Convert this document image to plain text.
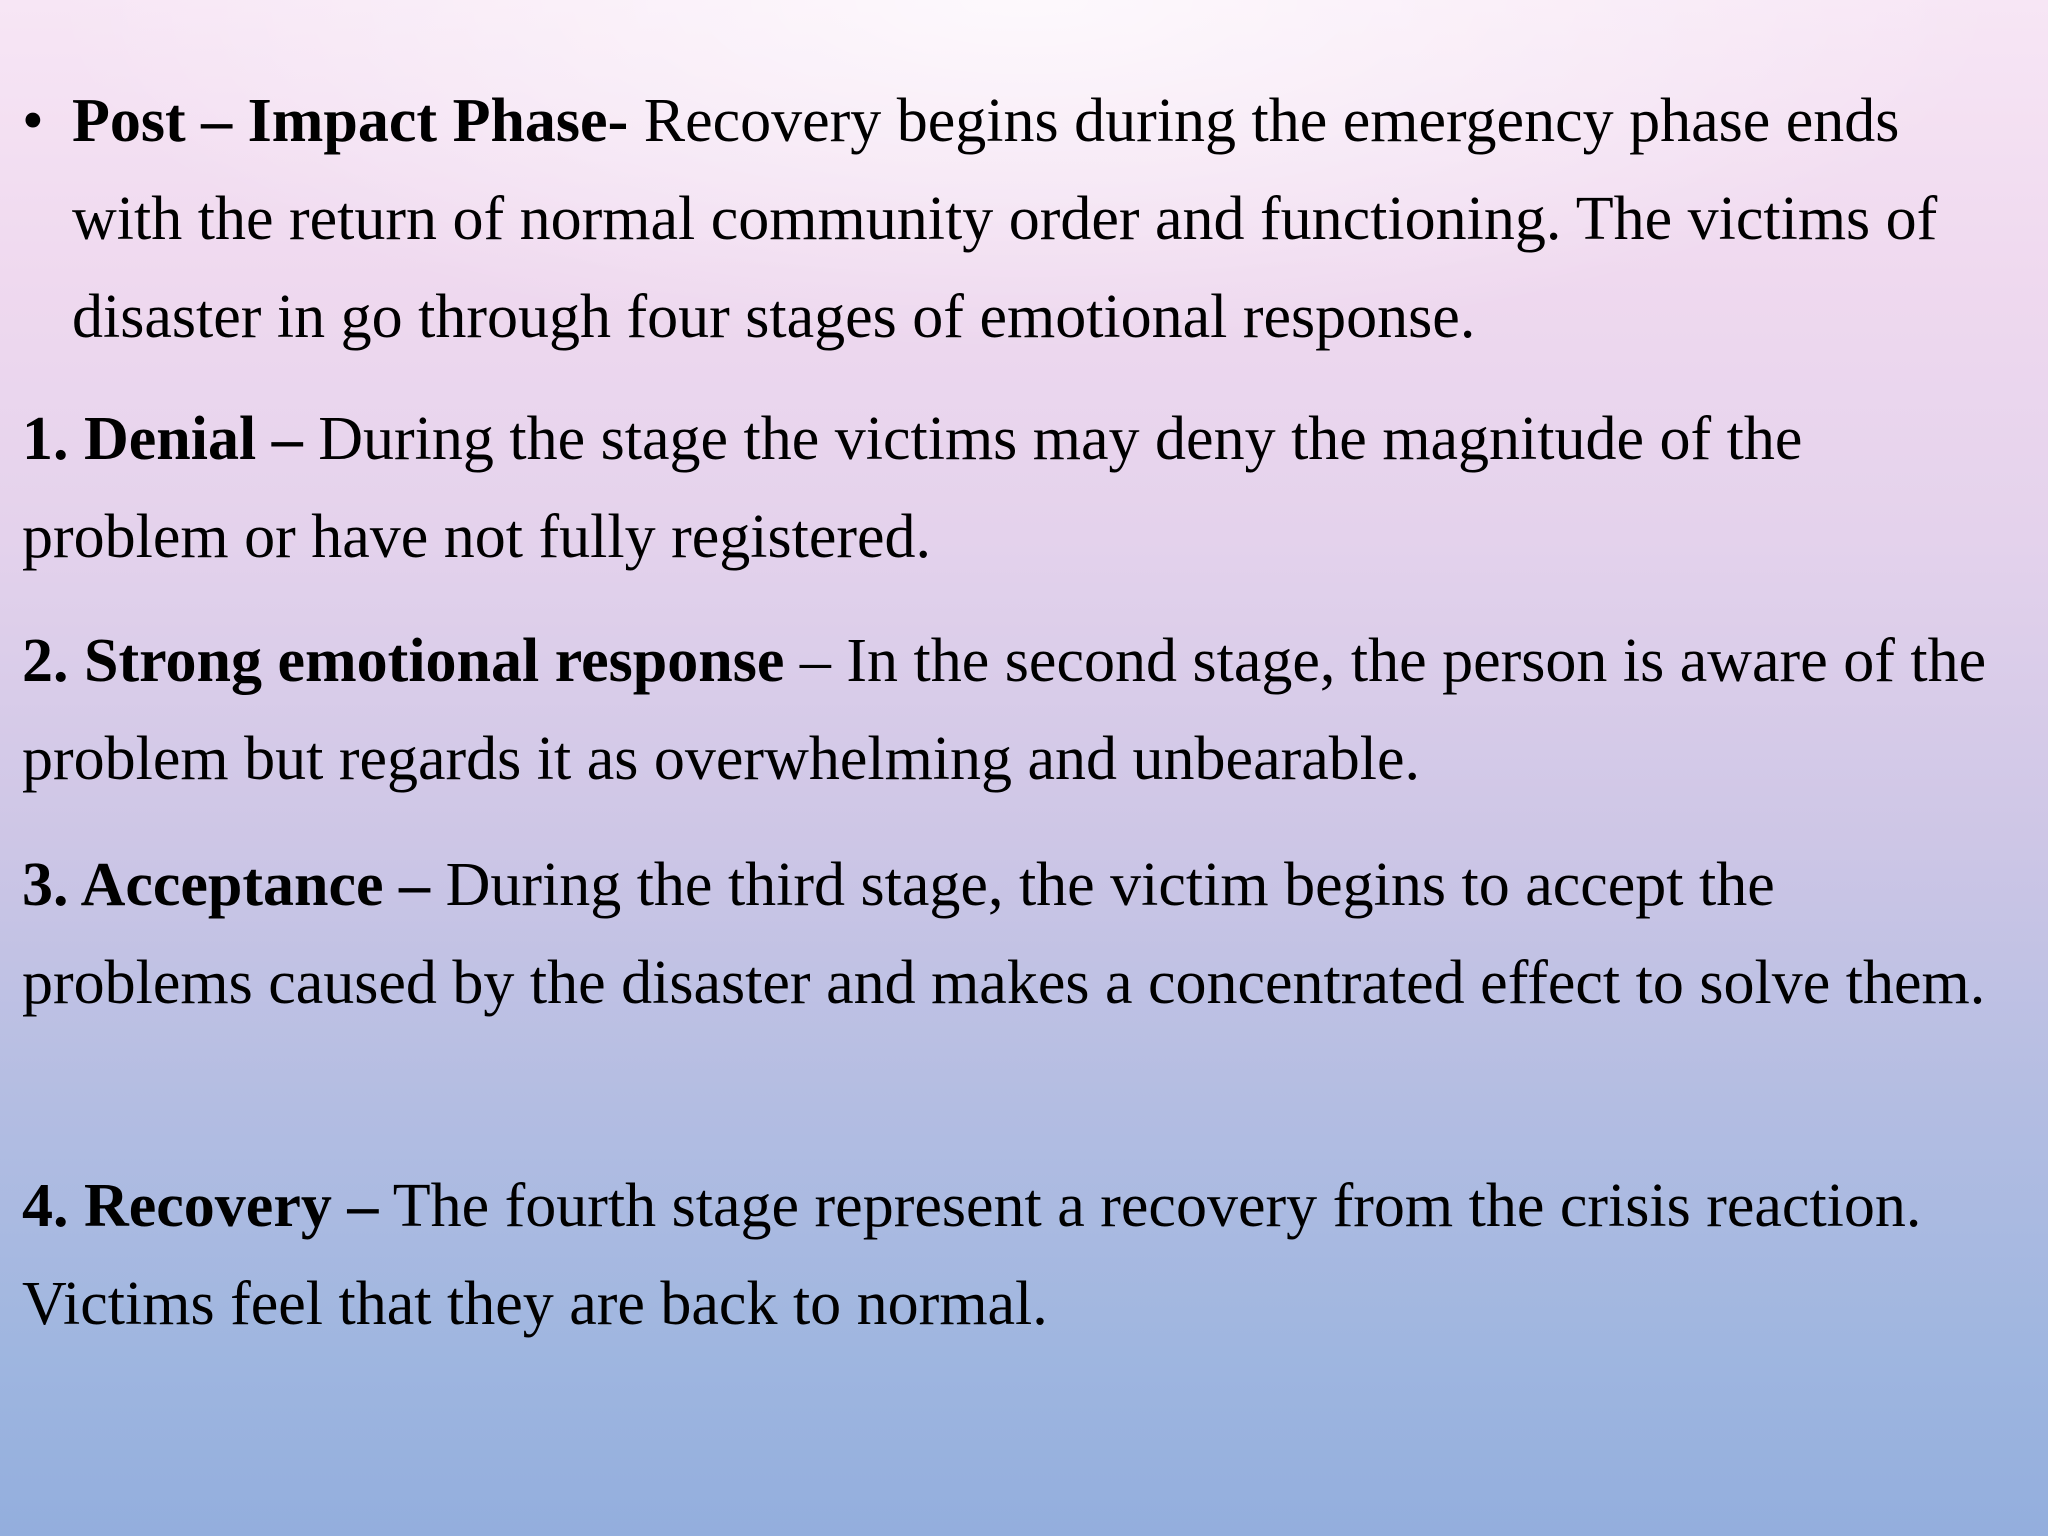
• Post – Impact Phase- Recovery begins during the emergency phase ends with the return of normal community order and functioning. The victims of disaster in go through four stages of emotional response.
1. Denial – During the stage the victims may deny the magnitude of the problem or have not fully registered.
2. Strong emotional response – In the second stage, the person is aware of the problem but regards it as overwhelming and unbearable.
3. Acceptance – During the third stage, the victim begins to accept the problems caused by the disaster and makes a concentrated effect to solve them.
4. Recovery – The fourth stage represent a recovery from the crisis reaction. Victims feel that they are back to normal.
